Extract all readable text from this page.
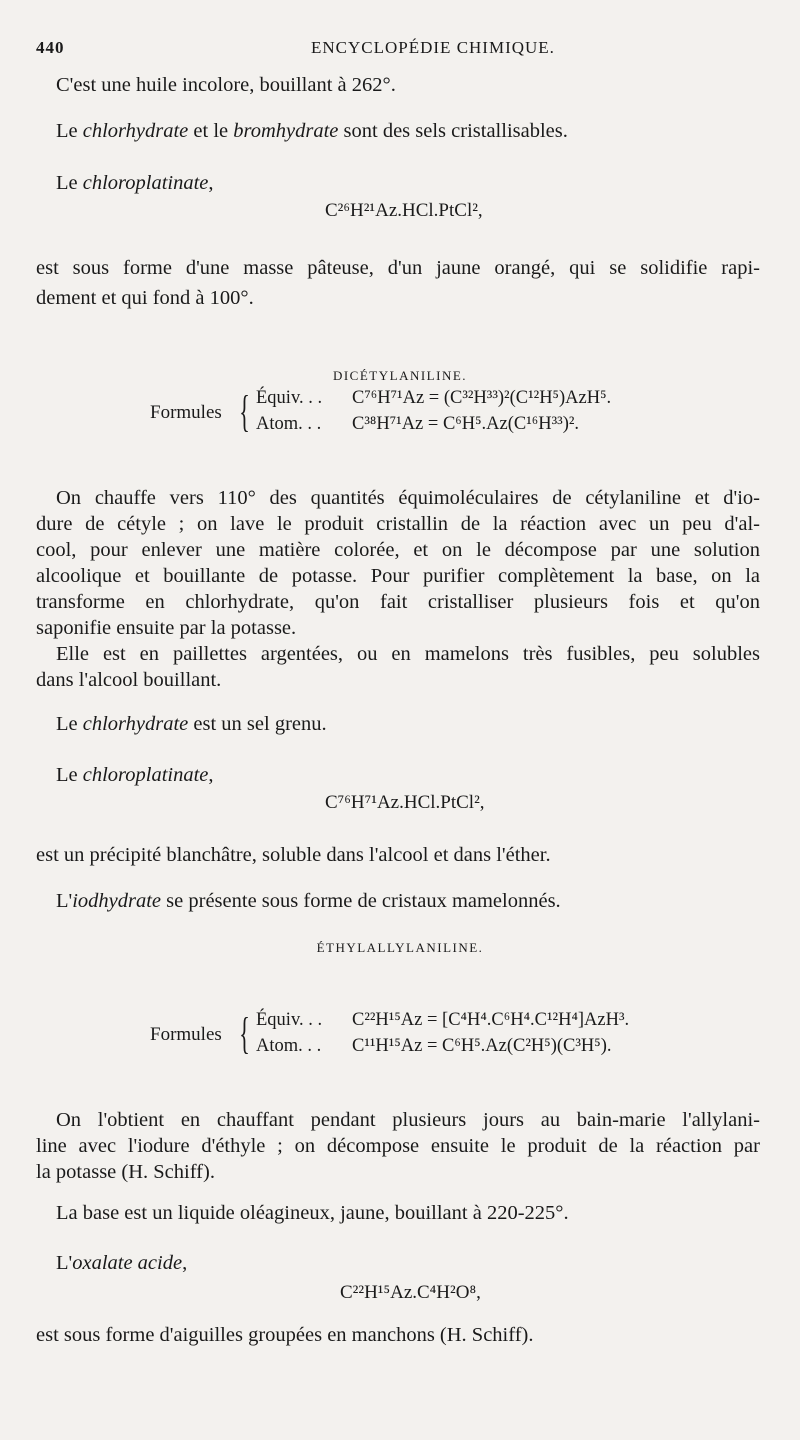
440	ENCYCLOPÉDIE CHIMIQUE.
C'est une huile incolore, bouillant à 262°.
Le chlorhydrate et le bromhydrate sont des sels cristallisables.
Le chloroplatinate,
C²⁶H²¹Az.HCl.PtCl²,
est sous forme d'une masse pâteuse, d'un jaune orangé, qui se solidifie rapi-
dement et qui fond à 100°.
DICÉTYLANILINE.
Formules { Équiv. . . C⁷⁶H⁷¹Az = (C³²H³³)²(C¹²H⁵)AzH⁵.
Atom. . . C³⁸H⁷¹Az = C⁶H⁵.Az(C¹⁶H³³)².
On chauffe vers 110° des quantités équimoléculaires de cétylaniline et d'io-
dure de cétyle ; on lave le produit cristallin de la réaction avec un peu d'al-
cool, pour enlever une matière colorée, et on le décompose par une solution
alcoolique et bouillante de potasse. Pour purifier complètement la base, on la
transforme en chlorhydrate, qu'on fait cristalliser plusieurs fois et qu'on
saponifie ensuite par la potasse.
Elle est en paillettes argentées, ou en mamelons très fusibles, peu solubles
dans l'alcool bouillant.
Le chlorhydrate est un sel grenu.
Le chloroplatinate,
C⁷⁶H⁷¹Az.HCl.PtCl²,
est un précipité blanchâtre, soluble dans l'alcool et dans l'éther.
L'iodhydrate se présente sous forme de cristaux mamelonnés.
ÉTHYLALLYLANILINE.
Formules { Équiv. . . C²²H¹⁵Az = [C⁴H⁴.C⁶H⁴.C¹²H⁴]AzH³.
Atom. . . C¹¹H¹⁵Az = C⁶H⁵.Az(C²H⁵)(C³H⁵).
On l'obtient en chauffant pendant plusieurs jours au bain-marie l'allylani-
line avec l'iodure d'éthyle ; on décompose ensuite le produit de la réaction par
la potasse (H. Schiff).
La base est un liquide oléagineux, jaune, bouillant à 220-225°.
L'oxalate acide,
C²²H¹⁵Az.C⁴H²O⁸,
est sous forme d'aiguilles groupées en manchons (H. Schiff).
